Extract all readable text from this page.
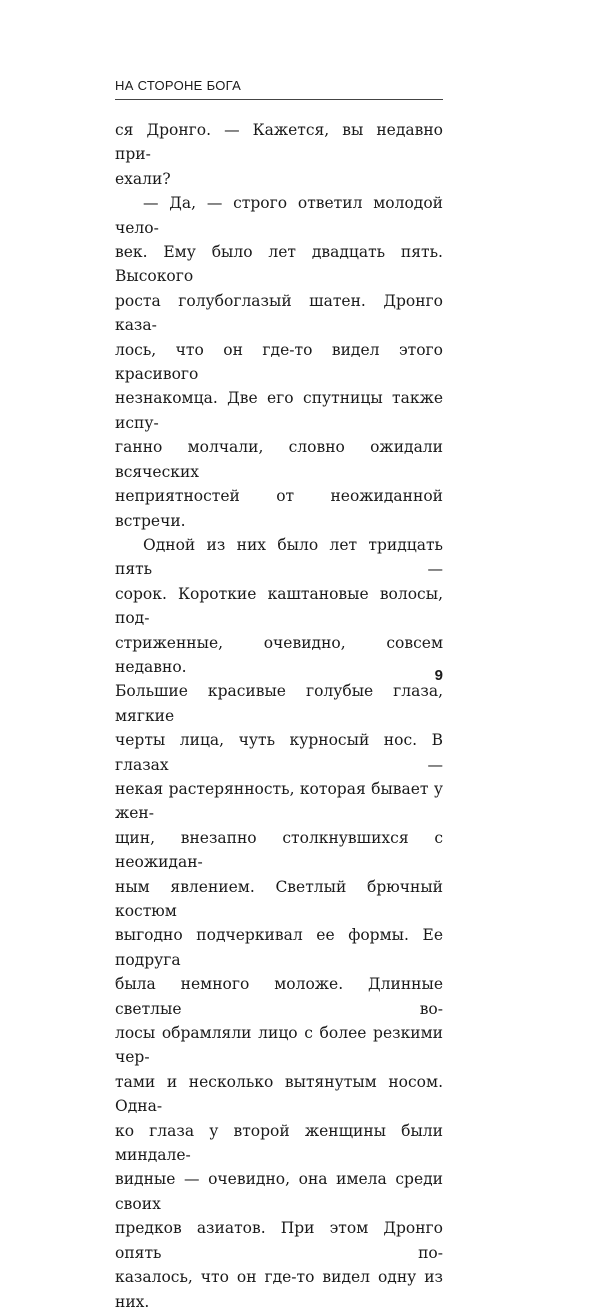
НА СТОРОНЕ БОГА

ся Дронго. — Кажется, вы недавно при-

ехали?

— Да, — строго ответил молодой чело-

век. Ему было лет двадцать пять. Высокого

роста голубоглазый шатен. Дронго каза-

лось, что он где-то видел этого красивого

незнакомца. Две его спутницы также испу-

ганно молчали, словно ожидали всяческих

неприятностей от неожиданной встречи.

Одной из них было лет тридцать пять —

сорок. Короткие каштановые волосы, под-

стриженные, очевидно, совсем недавно.

Большие красивые голубые глаза, мягкие

черты лица, чуть курносый нос. В глазах —

некая растерянность, которая бывает у жен-

щин, внезапно столкнувшихся с неожидан-

ным явлением. Светлый брючный костюм

выгодно подчеркивал ее формы. Ее подруга

была немного моложе. Длинные светлые во-

лосы обрамляли лицо с более резкими чер-

тами и несколько вытянутым носом. Одна-

ко глаза у второй женщины были миндале-

видные — очевидно, она имела среди своих

предков азиатов. При этом Дронго опять по-

казалось, что он где-то видел одну из них.

9
